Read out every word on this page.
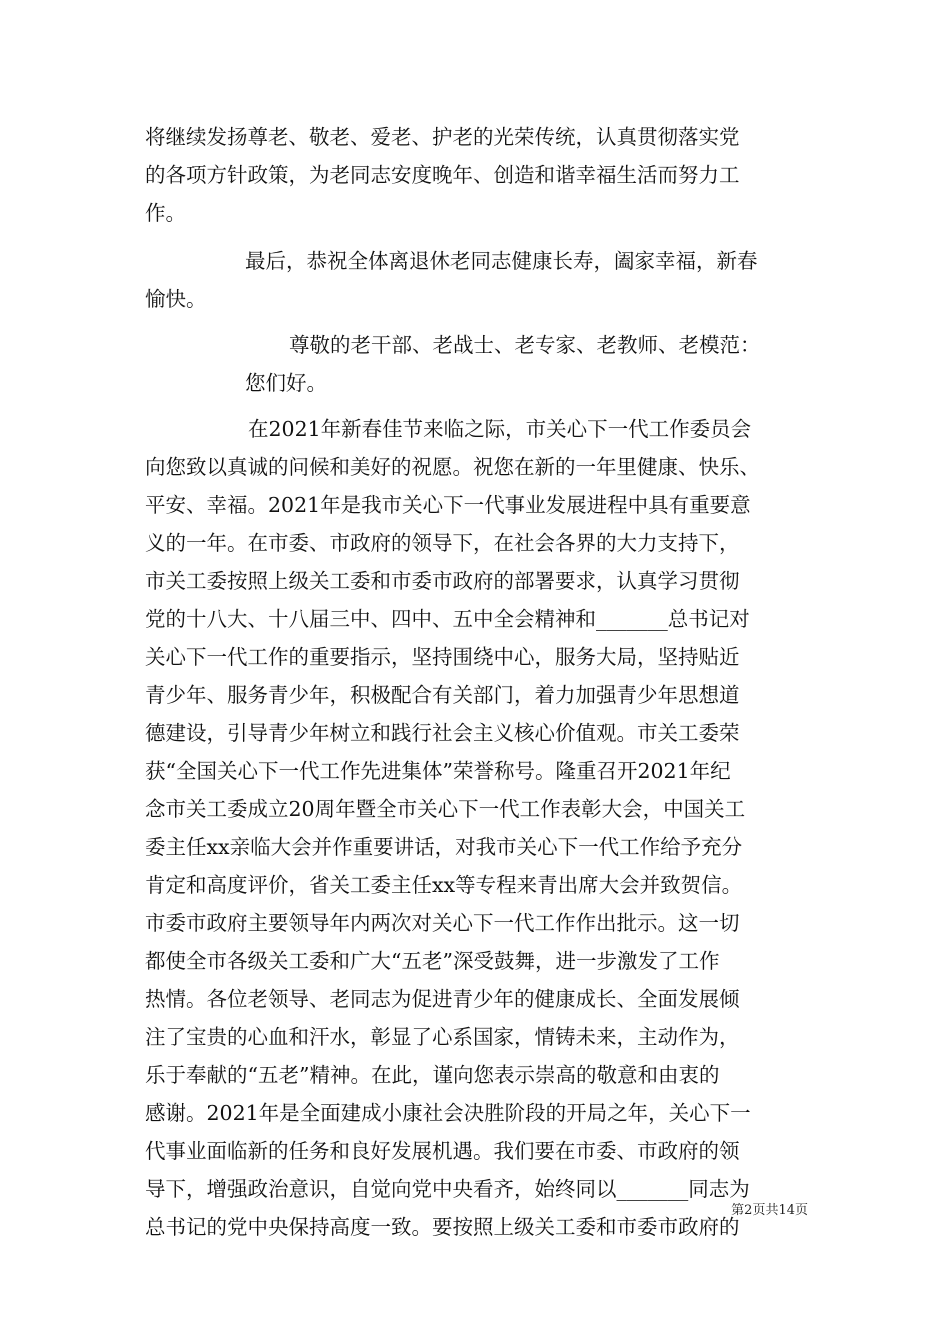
将继续发扬尊老、敬老、爱老、护老的光荣传统，认真贯彻落实党
的各项方针政策，为老同志安度晚年、创造和谐幸福生活而努力工
作。
最后，恭祝全体离退休老同志健康长寿，阖家幸福，新春
愉快。
尊敬的老干部、老战士、老专家、老教师、老模范：
您们好。
在2021年新春佳节来临之际，市关心下一代工作委员会
向您致以真诚的问候和美好的祝愿。祝您在新的一年里健康、快乐、
平安、幸福。2021年是我市关心下一代事业发展进程中具有重要意
义的一年。在市委、市政府的领导下，在社会各界的大力支持下，
市关工委按照上级关工委和市委市政府的部署要求，认真学习贯彻
党的十八大、十八届三中、四中、五中全会精神和_______总书记对
关心下一代工作的重要指示，坚持围绕中心，服务大局，坚持贴近
青少年、服务青少年，积极配合有关部门，着力加强青少年思想道
德建设，引导青少年树立和践行社会主义核心价值观。市关工委荣
获“全国关心下一代工作先进集体”荣誉称号。隆重召开2021年纪
念市关工委成立20周年暨全市关心下一代工作表彰大会，中国关工
委主任xx亲临大会并作重要讲话，对我市关心下一代工作给予充分
肯定和高度评价，省关工委主任xx等专程来青出席大会并致贺信。
市委市政府主要领导年内两次对关心下一代工作作出批示。这一切
都使全市各级关工委和广大“五老”深受鼓舞，进一步激发了工作
热情。各位老领导、老同志为促进青少年的健康成长、全面发展倾
注了宝贵的心血和汗水，彰显了心系国家，情铸未来，主动作为，
乐于奉献的“五老”精神。在此，谨向您表示崇高的敬意和由衷的
感谢。2021年是全面建成小康社会决胜阶段的开局之年，关心下一
代事业面临新的任务和良好发展机遇。我们要在市委、市政府的领
导下，增强政治意识，自觉向党中央看齐，始终同以_______同志为
总书记的党中央保持高度一致。要按照上级关工委和市委市政府的
第2页共14页
